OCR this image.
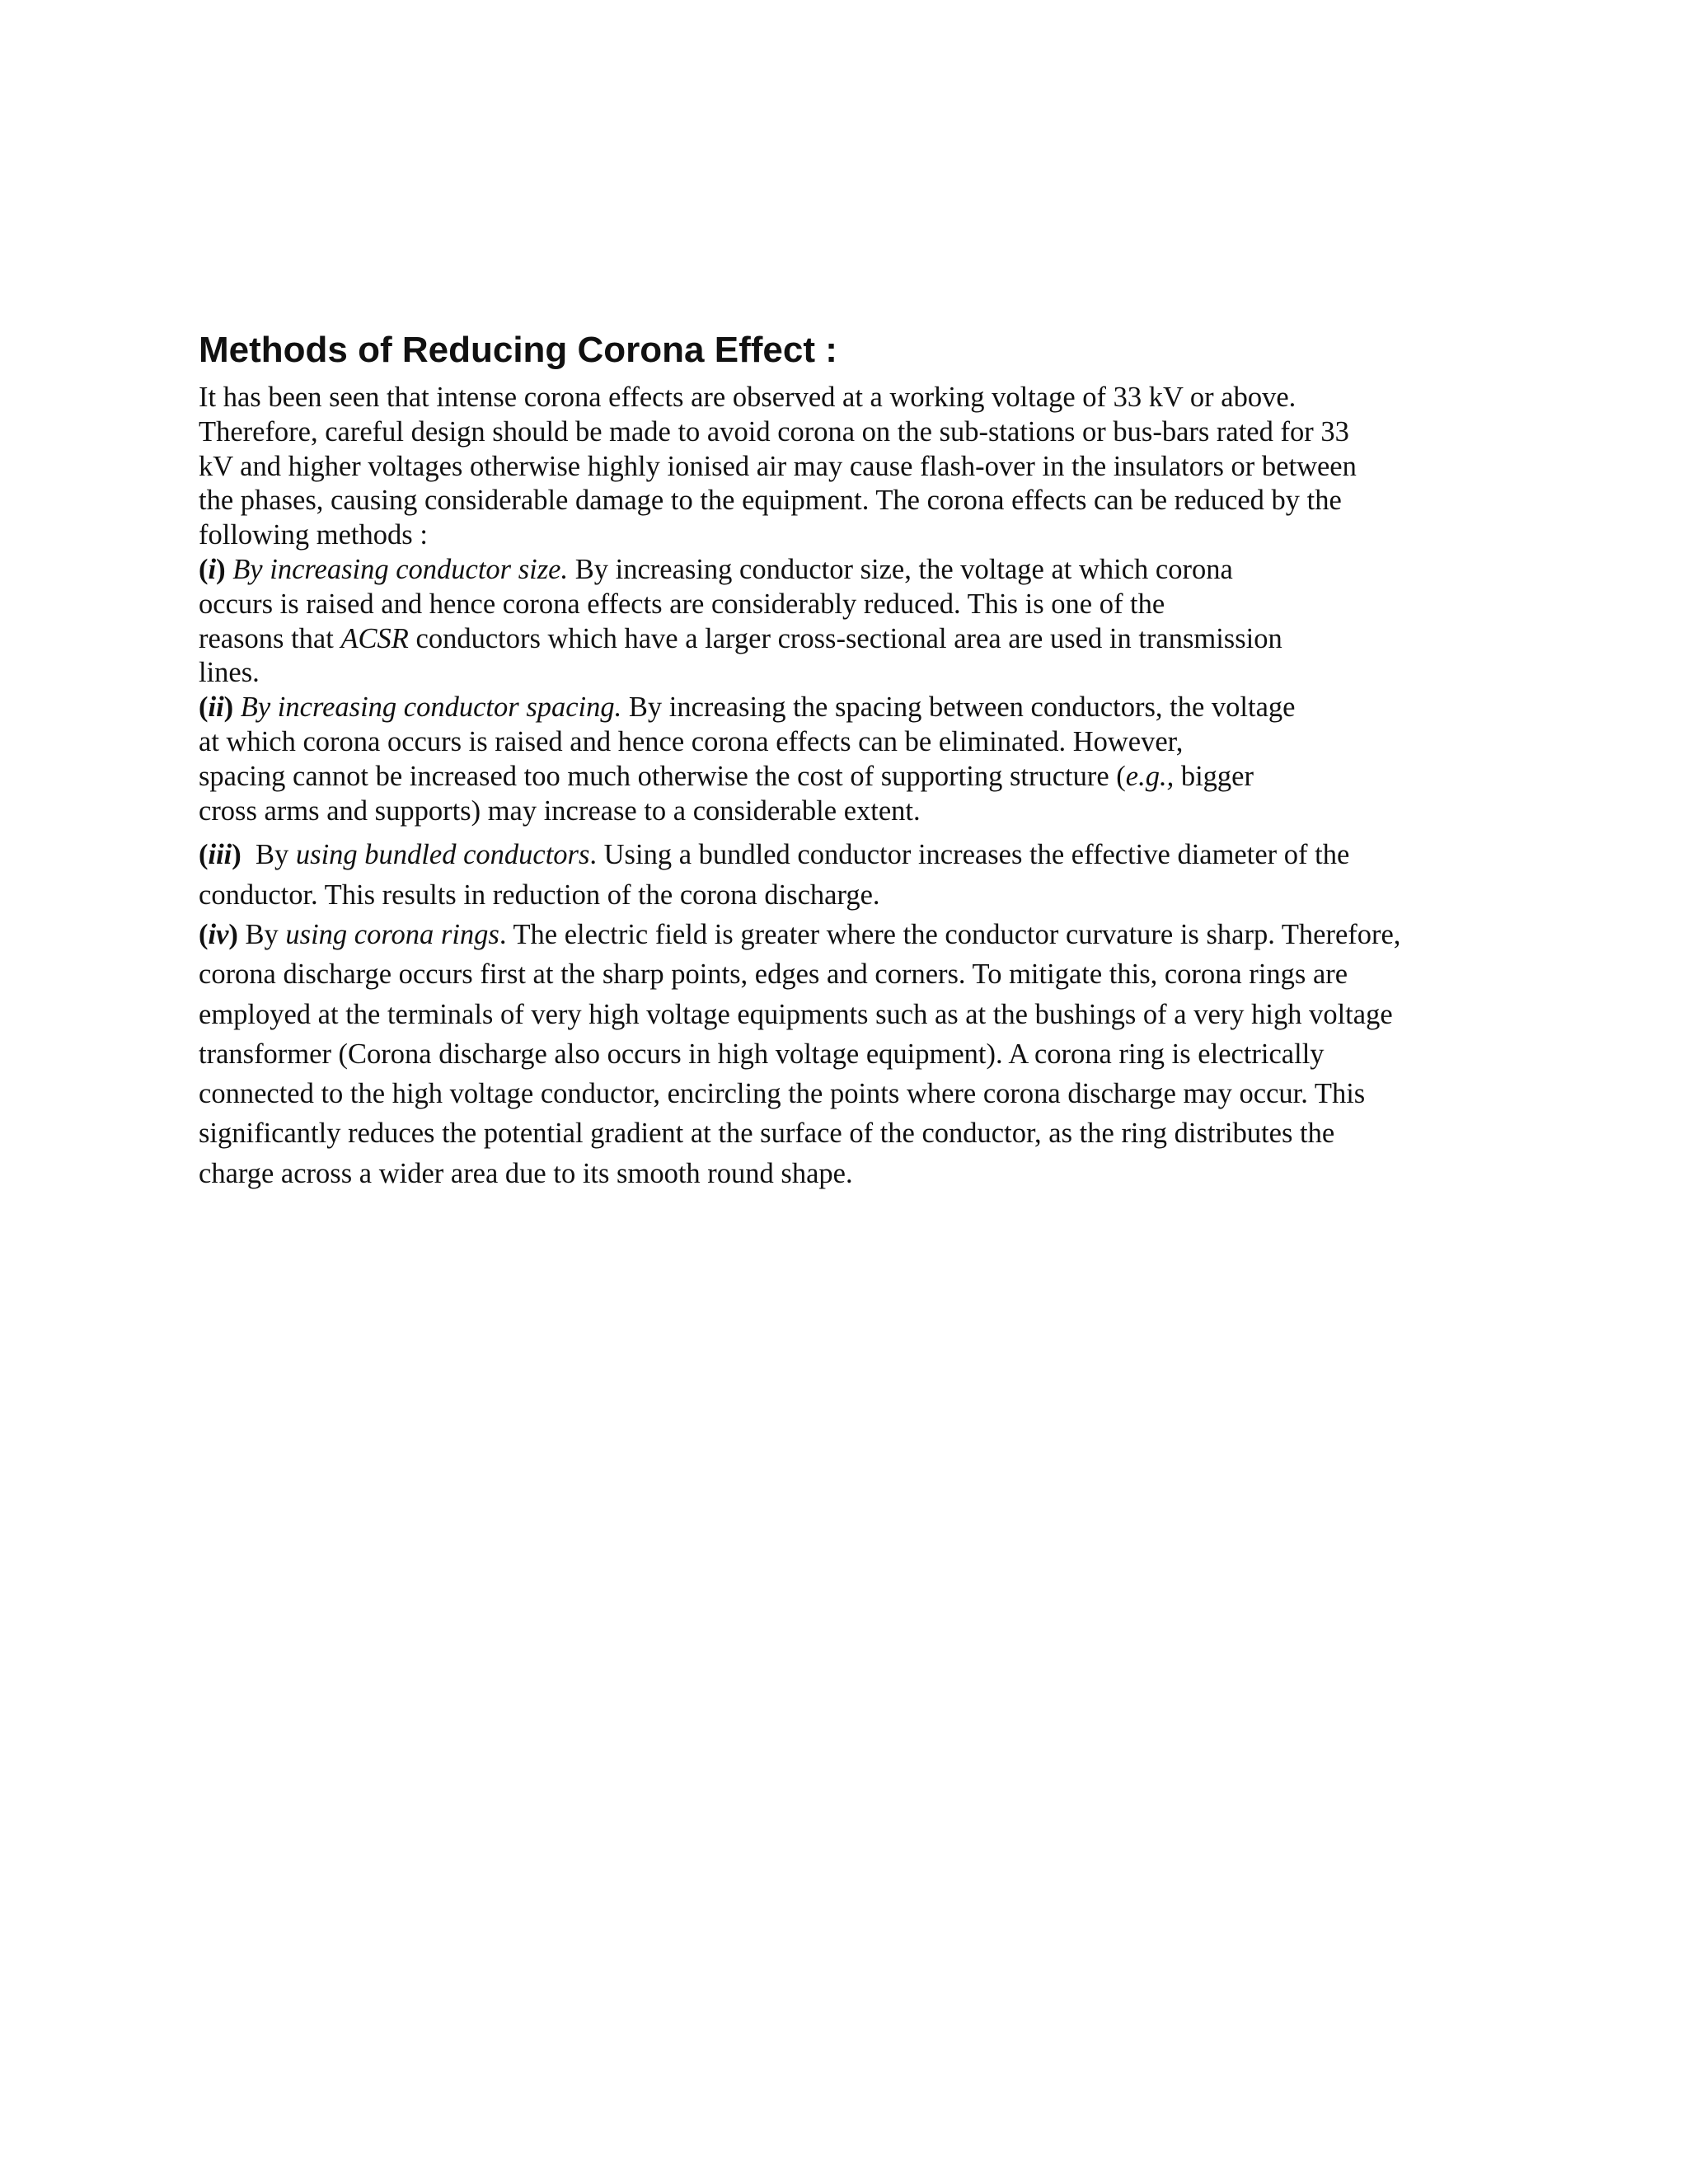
Methods of Reducing Corona Effect :

It has been seen that intense corona effects are observed at a working voltage of 33 kV or above.
Therefore, careful design should be made to avoid corona on the sub-stations or bus-bars rated for 33
kV and higher voltages otherwise highly ionised air may cause flash-over in the insulators or between
the phases, causing considerable damage to the equipment. The corona effects can be reduced by the
following methods :

(i) By increasing conductor size. By increasing conductor size, the voltage at which corona
occurs is raised and hence corona effects are considerably reduced. This is one of the
reasons that ACSR conductors which have a larger cross-sectional area are used in transmission
lines.

(ii) By increasing conductor spacing. By increasing the spacing between conductors, the voltage
at which corona occurs is raised and hence corona effects can be eliminated. However,
spacing cannot be increased too much otherwise the cost of supporting structure (e.g., bigger
cross arms and supports) may increase to a considerable extent.

(iii)  By using bundled conductors. Using a bundled conductor increases the effective diameter of the
conductor. This results in reduction of the corona discharge.

(iv) By using corona rings. The electric field is greater where the conductor curvature is sharp. Therefore,
corona discharge occurs first at the sharp points, edges and corners. To mitigate this, corona rings are
employed at the terminals of very high voltage equipments such as at the bushings of a very high voltage
transformer (Corona discharge also occurs in high voltage equipment). A corona ring is electrically
connected to the high voltage conductor, encircling the points where corona discharge may occur. This
significantly reduces the potential gradient at the surface of the conductor, as the ring distributes the
charge across a wider area due to its smooth round shape.
